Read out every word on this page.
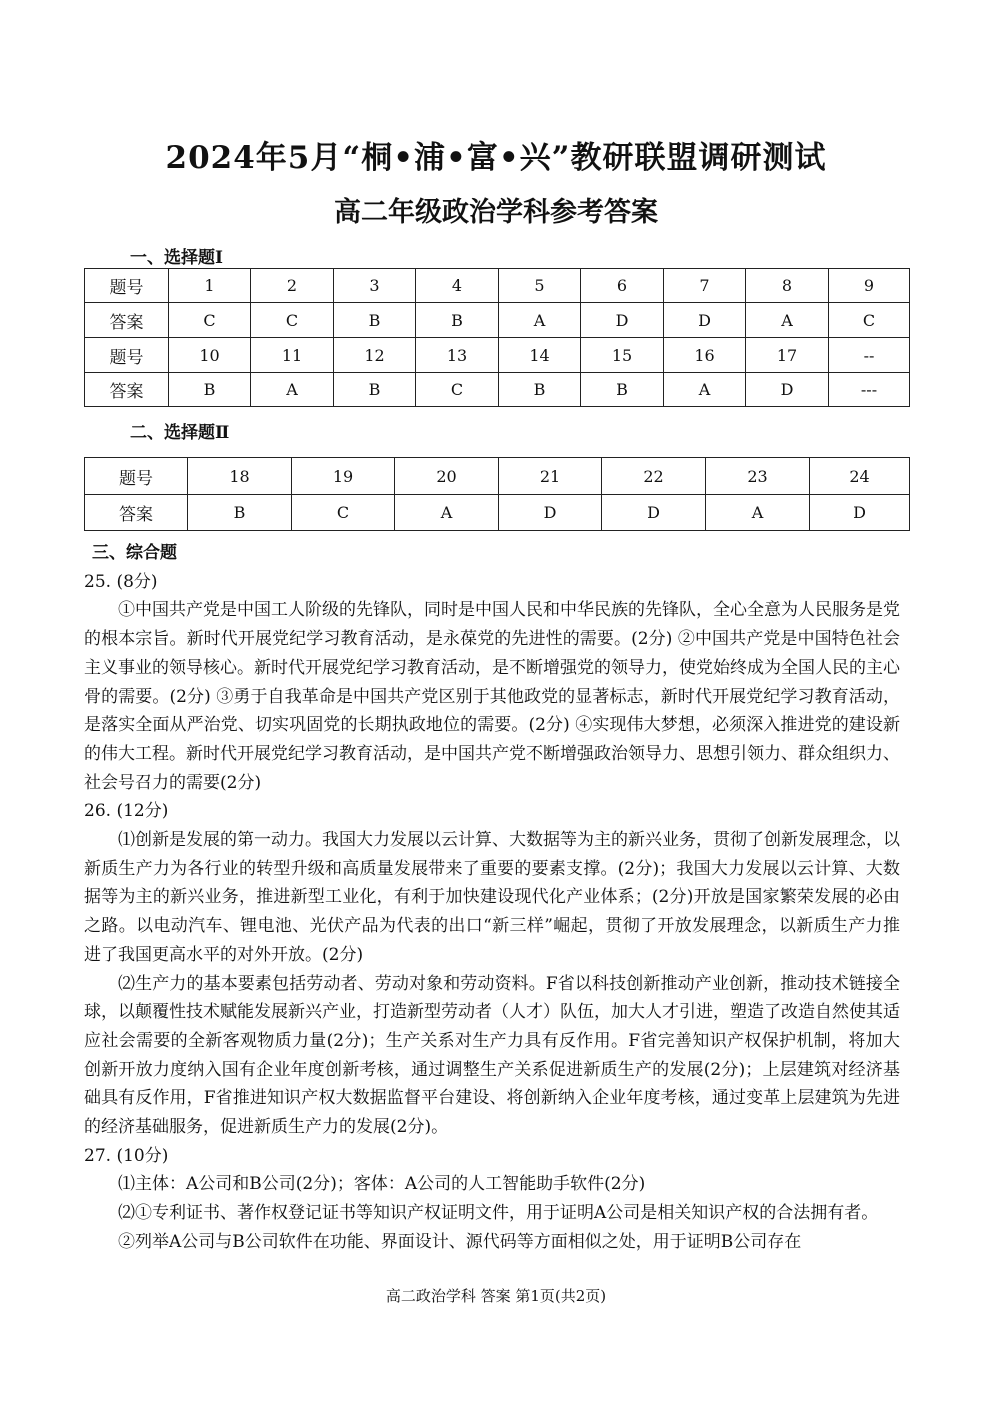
2024年5月“桐•浦•富•兴”教研联盟调研测试
高二年级政治学科参考答案
一、选择题Ⅰ
题号	1	2	3	4	5	6	7	8	9
答案	C	C	B	B	A	D	D	A	C
题号	10	11	12	13	14	15	16	17	--
答案	B	A	B	C	B	B	A	D	---
二、选择题Ⅱ
题号	18	19	20	21	22	23	24
答案	B	C	A	D	D	A	D

三、综合题

25. (8分)

①中国共产党是中国工人阶级的先锋队，同时是中国人民和中华民族的先锋队，全心全意为人民服务是党的根本宗旨。新时代开展党纪学习教育活动，是永葆党的先进性的需要。(2分) ②中国共产党是中国特色社会主义事业的领导核心。新时代开展党纪学习教育活动，是不断增强党的领导力，使党始终成为全国人民的主心骨的需要。(2分) ③勇于自我革命是中国共产党区别于其他政党的显著标志，新时代开展党纪学习教育活动，是落实全面从严治党、切实巩固党的长期执政地位的需要。(2分) ④实现伟大梦想，必须深入推进党的建设新的伟大工程。新时代开展党纪学习教育活动，是中国共产党不断增强政治领导力、思想引领力、群众组织力、社会号召力的需要(2分)

26. (12分)

⑴创新是发展的第一动力。我国大力发展以云计算、大数据等为主的新兴业务，贯彻了创新发展理念，以新质生产力为各行业的转型升级和高质量发展带来了重要的要素支撑。(2分)；我国大力发展以云计算、大数据等为主的新兴业务，推进新型工业化，有利于加快建设现代化产业体系；(2分)开放是国家繁荣发展的必由之路。以电动汽车、锂电池、光伏产品为代表的出口“新三样”崛起，贯彻了开放发展理念，以新质生产力推进了我国更高水平的对外开放。(2分)

⑵生产力的基本要素包括劳动者、劳动对象和劳动资料。F省以科技创新推动产业创新，推动技术链接全球，以颠覆性技术赋能发展新兴产业，打造新型劳动者（人才）队伍，加大人才引进，塑造了改造自然使其适应社会需要的全新客观物质力量(2分)；生产关系对生产力具有反作用。F省完善知识产权保护机制，将加大创新开放力度纳入国有企业年度创新考核，通过调整生产关系促进新质生产的发展(2分)；上层建筑对经济基础具有反作用，F省推进知识产权大数据监督平台建设、将创新纳入企业年度考核，通过变革上层建筑为先进的经济基础服务，促进新质生产力的发展(2分)。

27. (10分)

⑴主体：A公司和B公司(2分)；客体：A公司的人工智能助手软件(2分)

⑵①专利证书、著作权登记证书等知识产权证明文件，用于证明A公司是相关知识产权的合法拥有者。

②列举A公司与B公司软件在功能、界面设计、源代码等方面相似之处，用于证明B公司存在

高二政治学科 答案 第1页(共2页)
